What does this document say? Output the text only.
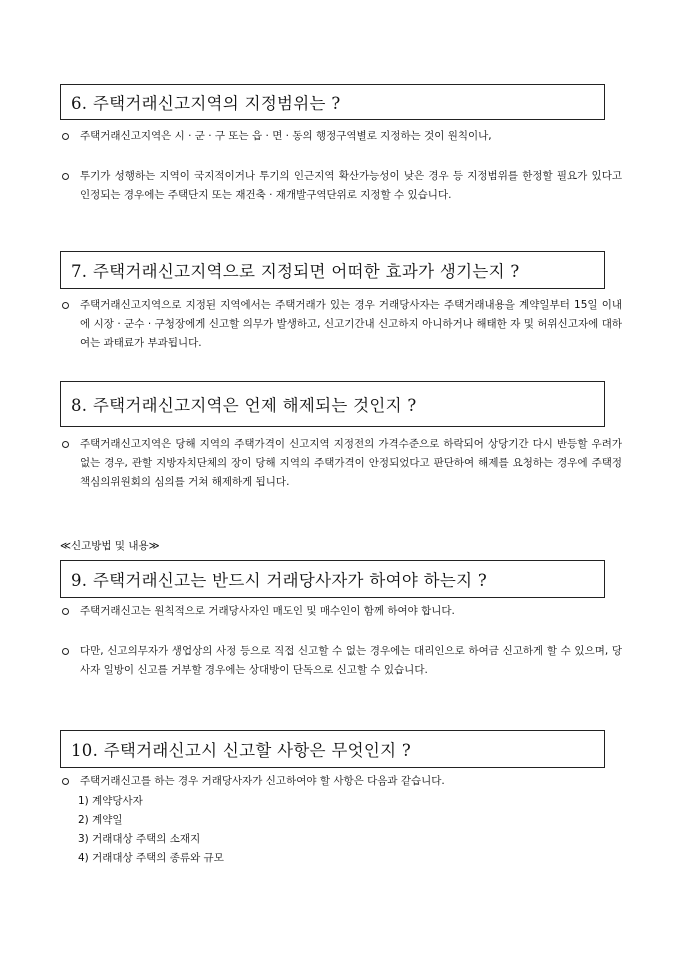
6. 주택거래신고지역의 지정범위는 ?
주택거래신고지역은 시 · 군 · 구 또는 읍 · 면 · 동의 행정구역별로 지정하는 것이 원칙이나,
투기가 성행하는 지역이 국지적이거나 투기의 인근지역 확산가능성이 낮은 경우 등 지정범위를 한정할 필요가 있다고 인정되는 경우에는 주택단지 또는 재건축 · 재개발구역단위로 지정할 수 있습니다.
7. 주택거래신고지역으로 지정되면 어떠한 효과가 생기는지 ?
주택거래신고지역으로 지정된 지역에서는 주택거래가 있는 경우 거래당사자는 주택거래내용을 계약일부터 15일 이내에 시장 · 군수 · 구청장에게 신고할 의무가 발생하고, 신고기간내 신고하지 아니하거나 해태한 자 및 허위신고자에 대하여는 과태료가 부과됩니다.
8. 주택거래신고지역은 언제 해제되는 것인지 ?
주택거래신고지역은 당해 지역의 주택가격이 신고지역 지정전의 가격수준으로 하락되어 상당기간 다시 반등할 우려가 없는 경우, 관할 지방자치단체의 장이 당해 지역의 주택가격이 안정되었다고 판단하여 해제를 요청하는 경우에 주택정책심의위원회의 심의를 거쳐 해제하게 됩니다.
≪신고방법 및 내용≫
9. 주택거래신고는 반드시 거래당사자가 하여야 하는지 ?
주택거래신고는 원칙적으로 거래당사자인 매도인 및 매수인이 함께 하여야 합니다.
다만, 신고의무자가 생업상의 사정 등으로 직접 신고할 수 없는 경우에는 대리인으로 하여금 신고하게 할 수 있으며, 당사자 일방이 신고를 거부할 경우에는 상대방이 단독으로 신고할 수 있습니다.
10. 주택거래신고시 신고할 사항은 무엇인지 ?
주택거래신고를 하는 경우 거래당사자가 신고하여야 할 사항은 다음과 같습니다.
1) 계약당사자
2) 계약일
3) 거래대상 주택의 소재지
4) 거래대상 주택의 종류와 규모
